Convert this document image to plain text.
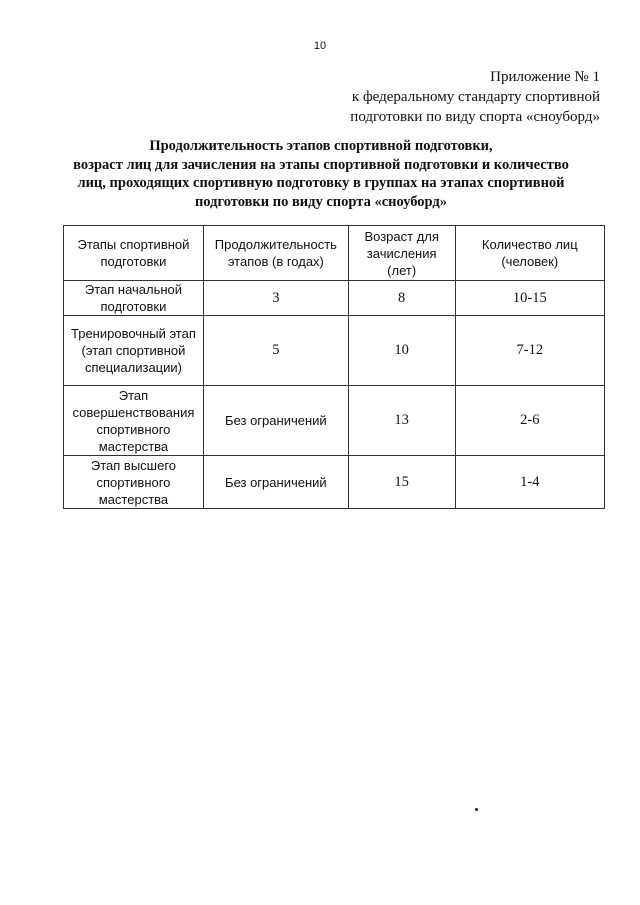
10
Приложение № 1
к федеральному стандарту спортивной
подготовки по виду спорта «сноуборд»
Продолжительность этапов спортивной подготовки,
возраст лиц для зачисления на этапы спортивной подготовки и количество
лиц, проходящих спортивную подготовку в группах на этапах спортивной
подготовки по виду спорта «сноуборд»
Этапы спортивной подготовки	Продолжительность этапов (в годах)	Возраст для зачисления (лет)	Количество лиц (человек)
Этап начальной подготовки	3	8	10-15
Тренировочный этап (этап спортивной специализации)	5	10	7-12
Этап совершенствования спортивного мастерства	Без ограничений	13	2-6
Этап высшего спортивного мастерства	Без ограничений	15	1-4
